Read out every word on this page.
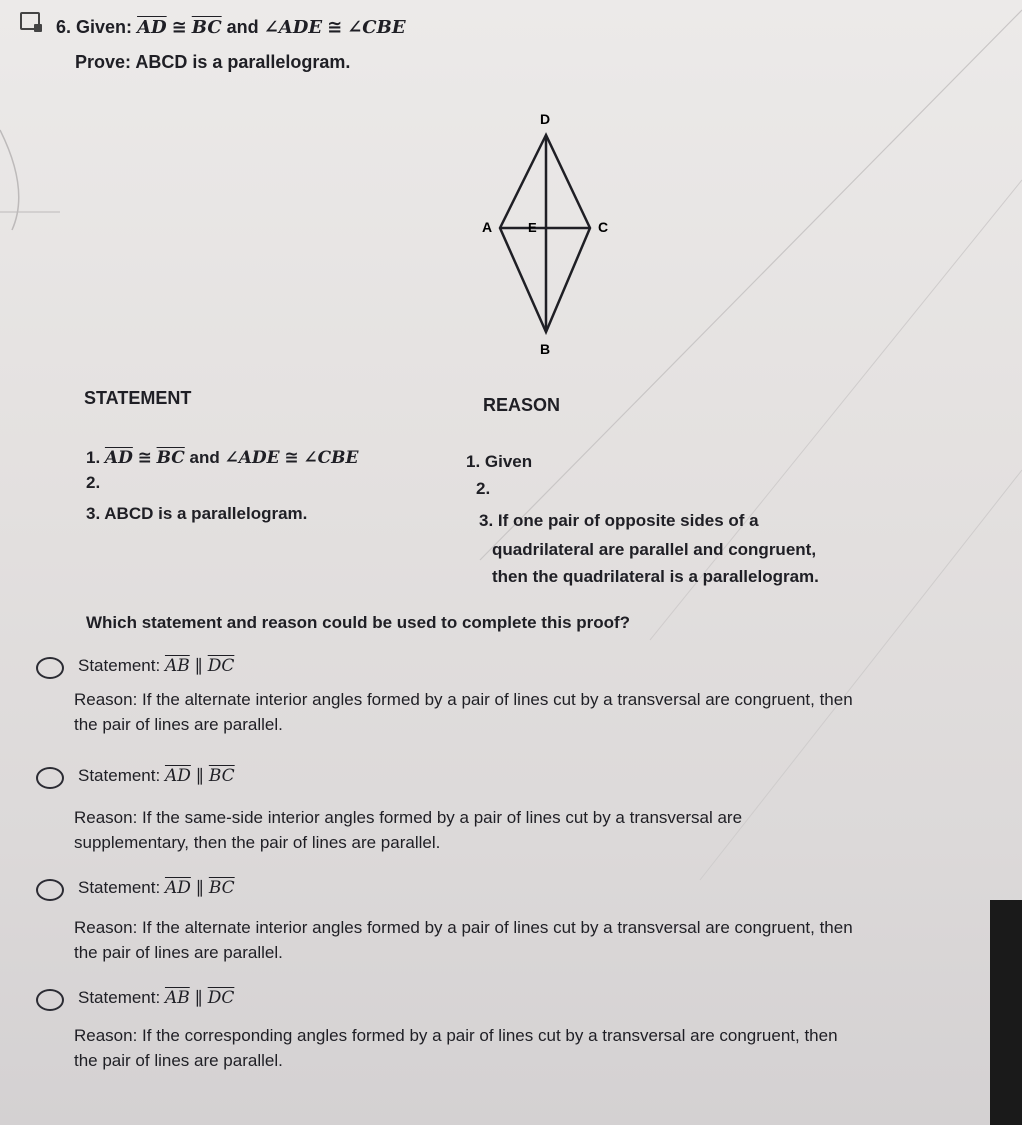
6. Given: $\overline{AD}$ ≅ $\overline{BC}$ and ∠ADE ≅ ∠CBE
Prove: ABCD is a parallelogram.
D
A	E	C
B
STATEMENT	REASON
1. $\overline{AD}$ ≅ $\overline{BC}$ and ∠ADE ≅ ∠CBE	1. Given
2.	2.
3. ABCD is a parallelogram.	3. If one pair of opposite sides of a
quadrilateral are parallel and congruent,
then the quadrilateral is a parallelogram.
Which statement and reason could be used to complete this proof?
Statement: $\overline{AB}$ ∥ $\overline{DC}$
Reason: If the alternate interior angles formed by a pair of lines cut by a transversal are congruent, then
the pair of lines are parallel.
Statement: $\overline{AD}$ ∥ $\overline{BC}$
Reason: If the same-side interior angles formed by a pair of lines cut by a transversal are
supplementary, then the pair of lines are parallel.
Statement: $\overline{AD}$ ∥ $\overline{BC}$
Reason: If the alternate interior angles formed by a pair of lines cut by a transversal are congruent, then
the pair of lines are parallel.
Statement: $\overline{AB}$ ∥ $\overline{DC}$
Reason: If the corresponding angles formed by a pair of lines cut by a transversal are congruent, then
the pair of lines are parallel.
